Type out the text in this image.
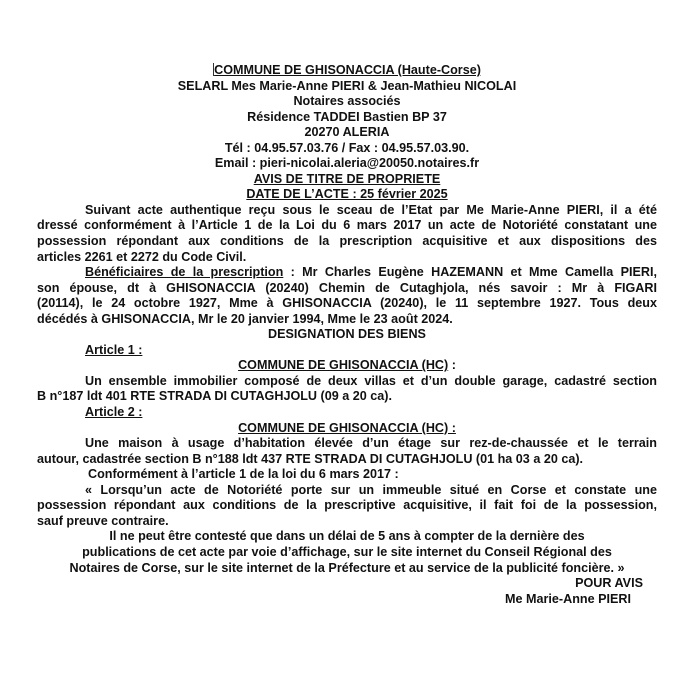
COMMUNE DE GHISONACCIA (Haute-Corse)
SELARL Mes Marie-Anne PIERI & Jean-Mathieu NICOLAI
Notaires associés
Résidence TADDEI Bastien BP 37
20270 ALERIA
Tél : 04.95.57.03.76 / Fax : 04.95.57.03.90.
Email : pieri-nicolai.aleria@20050.notaires.fr
AVIS DE TITRE DE PROPRIETE
DATE DE L’ACTE : 25 février 2025
Suivant acte authentique reçu sous le sceau de l’Etat par Me Marie-Anne PIERI, il a été
dressé conformément à l’Article 1 de la Loi du 6 mars 2017 un acte de Notoriété constatant une
possession répondant aux conditions de la prescription acquisitive et aux dispositions des
articles 2261 et 2272 du Code Civil.
Bénéficiaires de la prescription : Mr Charles Eugène HAZEMANN et Mme Camella PIERI,
son épouse, dt à GHISONACCIA (20240) Chemin de Cutaghjola, nés savoir : Mr à FIGARI
(20114), le 24 octobre 1927, Mme à GHISONACCIA (20240), le 11 septembre 1927. Tous deux
décédés à GHISONACCIA, Mr le 20 janvier 1994, Mme le 23 août 2024.
DESIGNATION DES BIENS
Article 1 :
COMMUNE DE GHISONACCIA (HC) :
Un ensemble immobilier composé de deux villas et d’un double garage, cadastré section
B n°187 ldt 401 RTE STRADA DI CUTAGHJOLU (09 a 20 ca).
Article 2 :
COMMUNE DE GHISONACCIA (HC) :
Une maison à usage d’habitation élevée d’un étage sur rez-de-chaussée et le terrain
autour, cadastrée section B n°188 ldt 437 RTE STRADA DI CUTAGHJOLU (01 ha 03 a 20 ca).
Conformément à l’article 1 de la loi du 6 mars 2017 :
« Lorsqu’un acte de Notoriété porte sur un immeuble situé en Corse et constate une
possession répondant aux conditions de la prescriptive acquisitive, il fait foi de la possession,
sauf preuve contraire.
Il ne peut être contesté que dans un délai de 5 ans à compter de la dernière des
publications de cet acte par voie d’affichage, sur le site internet du Conseil Régional des
Notaires de Corse, sur le site internet de la Préfecture et au service de la publicité foncière. »
POUR AVIS
Me Marie-Anne PIERI
